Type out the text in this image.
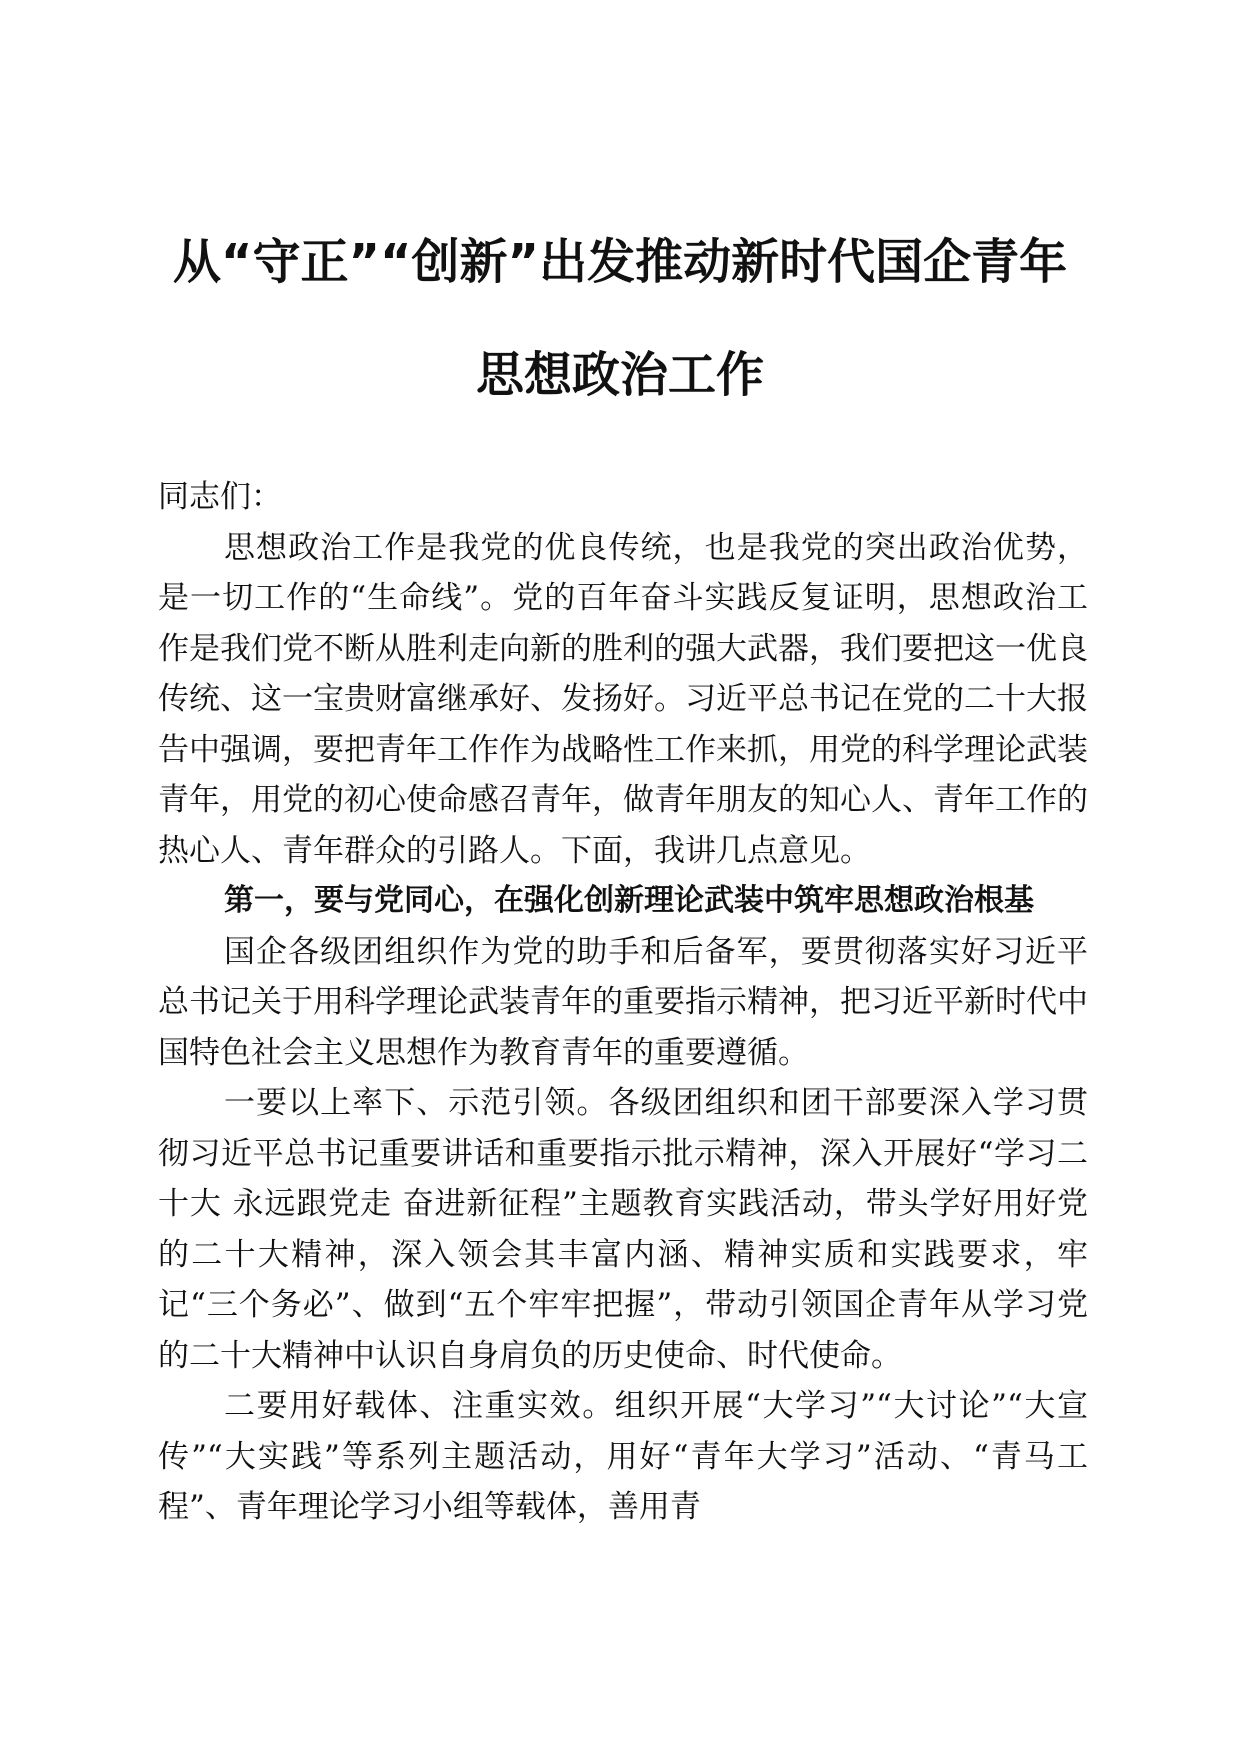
从“守正”“创新”出发推动新时代国企青年
思想政治工作

同志们：

思想政治工作是我党的优良传统，也是我党的突出政治优势，是一切工作的“生命线”。党的百年奋斗实践反复证明，思想政治工作是我们党不断从胜利走向新的胜利的强大武器，我们要把这一优良传统、这一宝贵财富继承好、发扬好。习近平总书记在党的二十大报告中强调，要把青年工作作为战略性工作来抓，用党的科学理论武装青年，用党的初心使命感召青年，做青年朋友的知心人、青年工作的热心人、青年群众的引路人。下面，我讲几点意见。

第一，要与党同心，在强化创新理论武装中筑牢思想政治根基

国企各级团组织作为党的助手和后备军，要贯彻落实好习近平总书记关于用科学理论武装青年的重要指示精神，把习近平新时代中国特色社会主义思想作为教育青年的重要遵循。

一要以上率下、示范引领。各级团组织和团干部要深入学习贯彻习近平总书记重要讲话和重要指示批示精神，深入开展好“学习二十大 永远跟党走 奋进新征程”主题教育实践活动，带头学好用好党的二十大精神，深入领会其丰富内涵、精神实质和实践要求，牢记“三个务必”、做到“五个牢牢把握”，带动引领国企青年从学习党的二十大精神中认识自身肩负的历史使命、时代使命。

二要用好载体、注重实效。组织开展“大学习”“大讨论”“大宣传”“大实践”等系列主题活动，用好“青年大学习”活动、“青马工程”、青年理论学习小组等载体，善用青
